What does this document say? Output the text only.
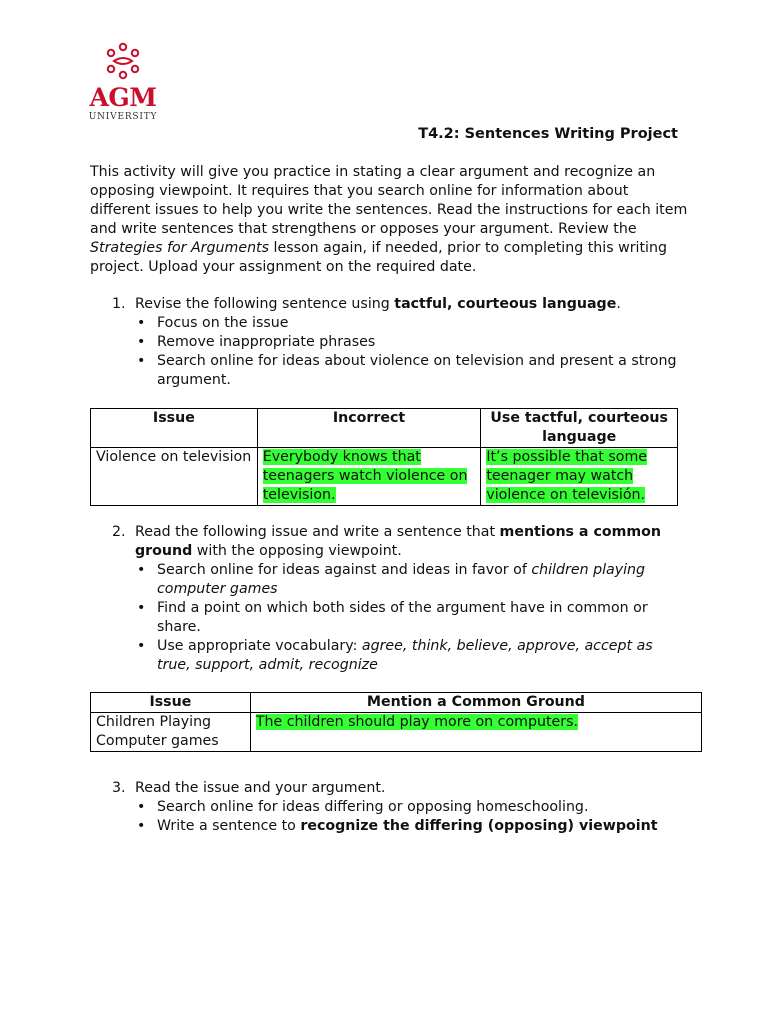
AGM
UNIVERSITY
T4.2: Sentences Writing Project
This activity will give you practice in stating a clear argument and recognize an opposing viewpoint. It requires that you search online for information about different issues to help you write the sentences. Read the instructions for each item and write sentences that strengthens or opposes your argument. Review the Strategies for Arguments lesson again, if needed, prior to completing this writing project. Upload your assignment on the required date.
1. Revise the following sentence using tactful, courteous language.
• Focus on the issue
• Remove inappropriate phrases
• Search online for ideas about violence on television and present a strong argument.
Issue	Incorrect	Use tactful, courteous language
Violence on television	Everybody knows that teenagers watch violence on television.	It’s possible that some teenager may watch violence on televisión.
2. Read the following issue and write a sentence that mentions a common ground with the opposing viewpoint.
• Search online for ideas against and ideas in favor of children playing computer games
• Find a point on which both sides of the argument have in common or share.
• Use appropriate vocabulary: agree, think, believe, approve, accept as true, support, admit, recognize
Issue	Mention a Common Ground
Children Playing
Computer games	The children should play more on computers.
3. Read the issue and your argument.
• Search online for ideas differing or opposing homeschooling.
• Write a sentence to recognize the differing (opposing) viewpoint
